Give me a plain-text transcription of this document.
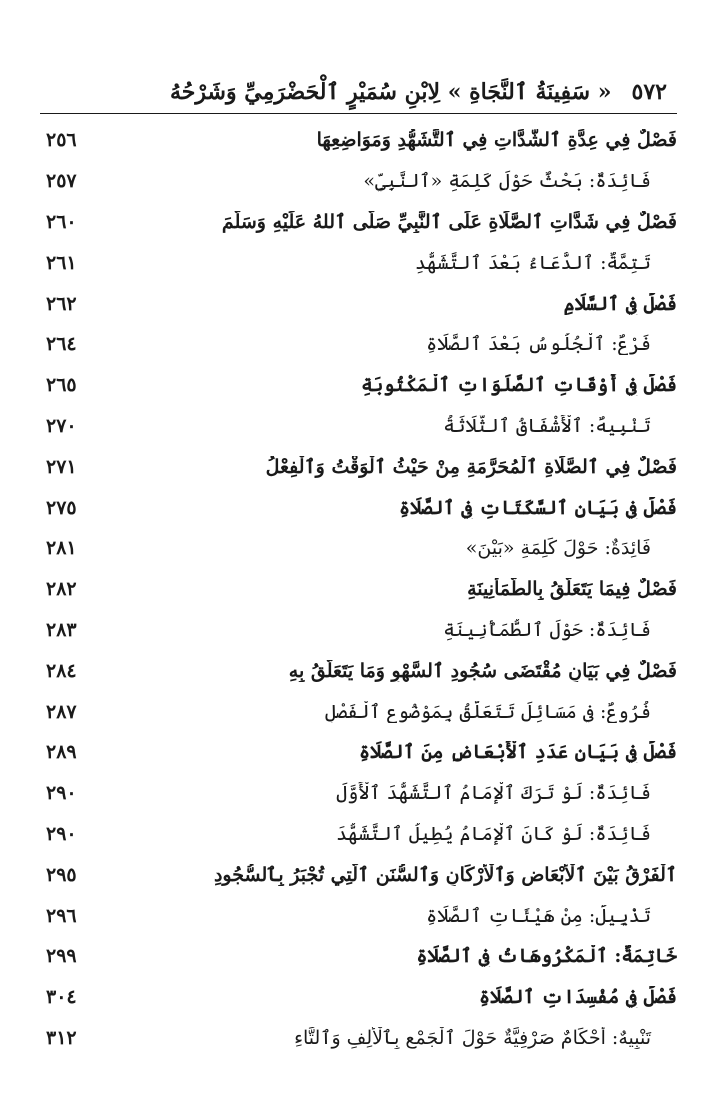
٥٧٢
« سَفِينَةُ ٱلنَّجَاةِ » لِابْنِ سُمَيْرٍ ٱلْحَضْرَمِيِّ وَشَرْحُهُ
فَصْلٌ فِي عِدَّةِ ٱلشَّدَّاتِ فِي ٱلتَّشَهُّدِ وَمَوَاضِعِهَا
٢٥٦
فَائِدَةٌ: بَحْثٌ حَوْلَ كَلِمَةِ «ٱلنَّبِيِّ»
٢٥٧
فَصْلٌ فِي شَدَّاتِ ٱلصَّلَاةِ عَلَى ٱلنَّبِيِّ صَلَّى ٱللهُ عَلَيْهِ وَسَلَّمَ
٢٦٠
تَتِمَّةٌ: ٱلدُّعَاءُ بَعْدَ ٱلتَّشَهُّدِ
٢٦١
فَصْلٌ فِي ٱلسَّلَامِ
٢٦٢
فَرْعٌ: ٱلْجُلُوسُ بَعْدَ ٱلصَّلَاةِ
٢٦٤
فَصْلٌ فِي أَوْقَاتِ ٱلصَّلَوَاتِ ٱلْمَكْتُوبَةِ
٢٦٥
تَنْبِيهٌ: ٱلْأَشْفَاقُ ٱلثَّلَاثَةُ
٢٧٠
فَصْلٌ فِي ٱلصَّلَاةِ ٱلْمُحَرَّمَةِ مِنْ حَيْثُ ٱلْوَقْتُ وَٱلْفِعْلُ
٢٧١
فَصْلٌ فِي بَيَانِ ٱلسَّكَتَاتِ فِي ٱلصَّلَاةِ
٢٧٥
فَائِدَةٌ: حَوْلَ كَلِمَةِ «بَيْنَ»
٢٨١
فَصْلٌ فِيمَا يَتَعَلَّقُ بِالطُّمَأْنِينَةِ
٢٨٢
فَائِدَةٌ: حَوْلَ ٱلطُّمَأْنِينَةِ
٢٨٣
فَصْلٌ فِي بَيَانِ مُقْتَضَى سُجُودِ ٱلسَّهْوِ وَمَا يَتَعَلَّقُ بِهِ
٢٨٤
فُرُوعٌ: فِي مَسَائِلَ تَتَعَلَّقُ بِمَوْضُوعِ ٱلْفَصْلِ
٢٨٧
فَصْلٌ فِي بَيَانِ عَدَدِ ٱلْأَبْعَاضِ مِنَ ٱلصَّلَاةِ
٢٨٩
فَائِدَةٌ: لَوْ تَرَكَ ٱلْإِمَامُ ٱلتَّشَهُّدَ ٱلْأَوَّلَ
٢٩٠
فَائِدَةٌ: لَوْ كَانَ ٱلْإِمَامُ يُطِيلُ ٱلتَّشَهُّدَ
٢٩٠
ٱلْفَرْقُ بَيْنَ ٱلْأَبْعَاضِ وَٱلْأَرْكَانِ وَٱلسُّنَنِ ٱلَّتِي تُجْبَرُ بِٱلسُّجُودِ
٢٩٥
تَذْيِيلٌ: مِنْ هَيْئَاتِ ٱلصَّلَاةِ
٢٩٦
خَاتِمَةٌ: ٱلْمَكْرُوهَاتُ فِي ٱلصَّلَاةِ
٢٩٩
فَصْلٌ فِي مُفْسِدَاتِ ٱلصَّلَاةِ
٣٠٤
تَنْبِيهٌ: أَحْكَامٌ صَرْفِيَّةٌ حَوْلَ ٱلْجَمْعِ بِٱلْأَلِفِ وَٱلتَّاءِ
٣١٢
